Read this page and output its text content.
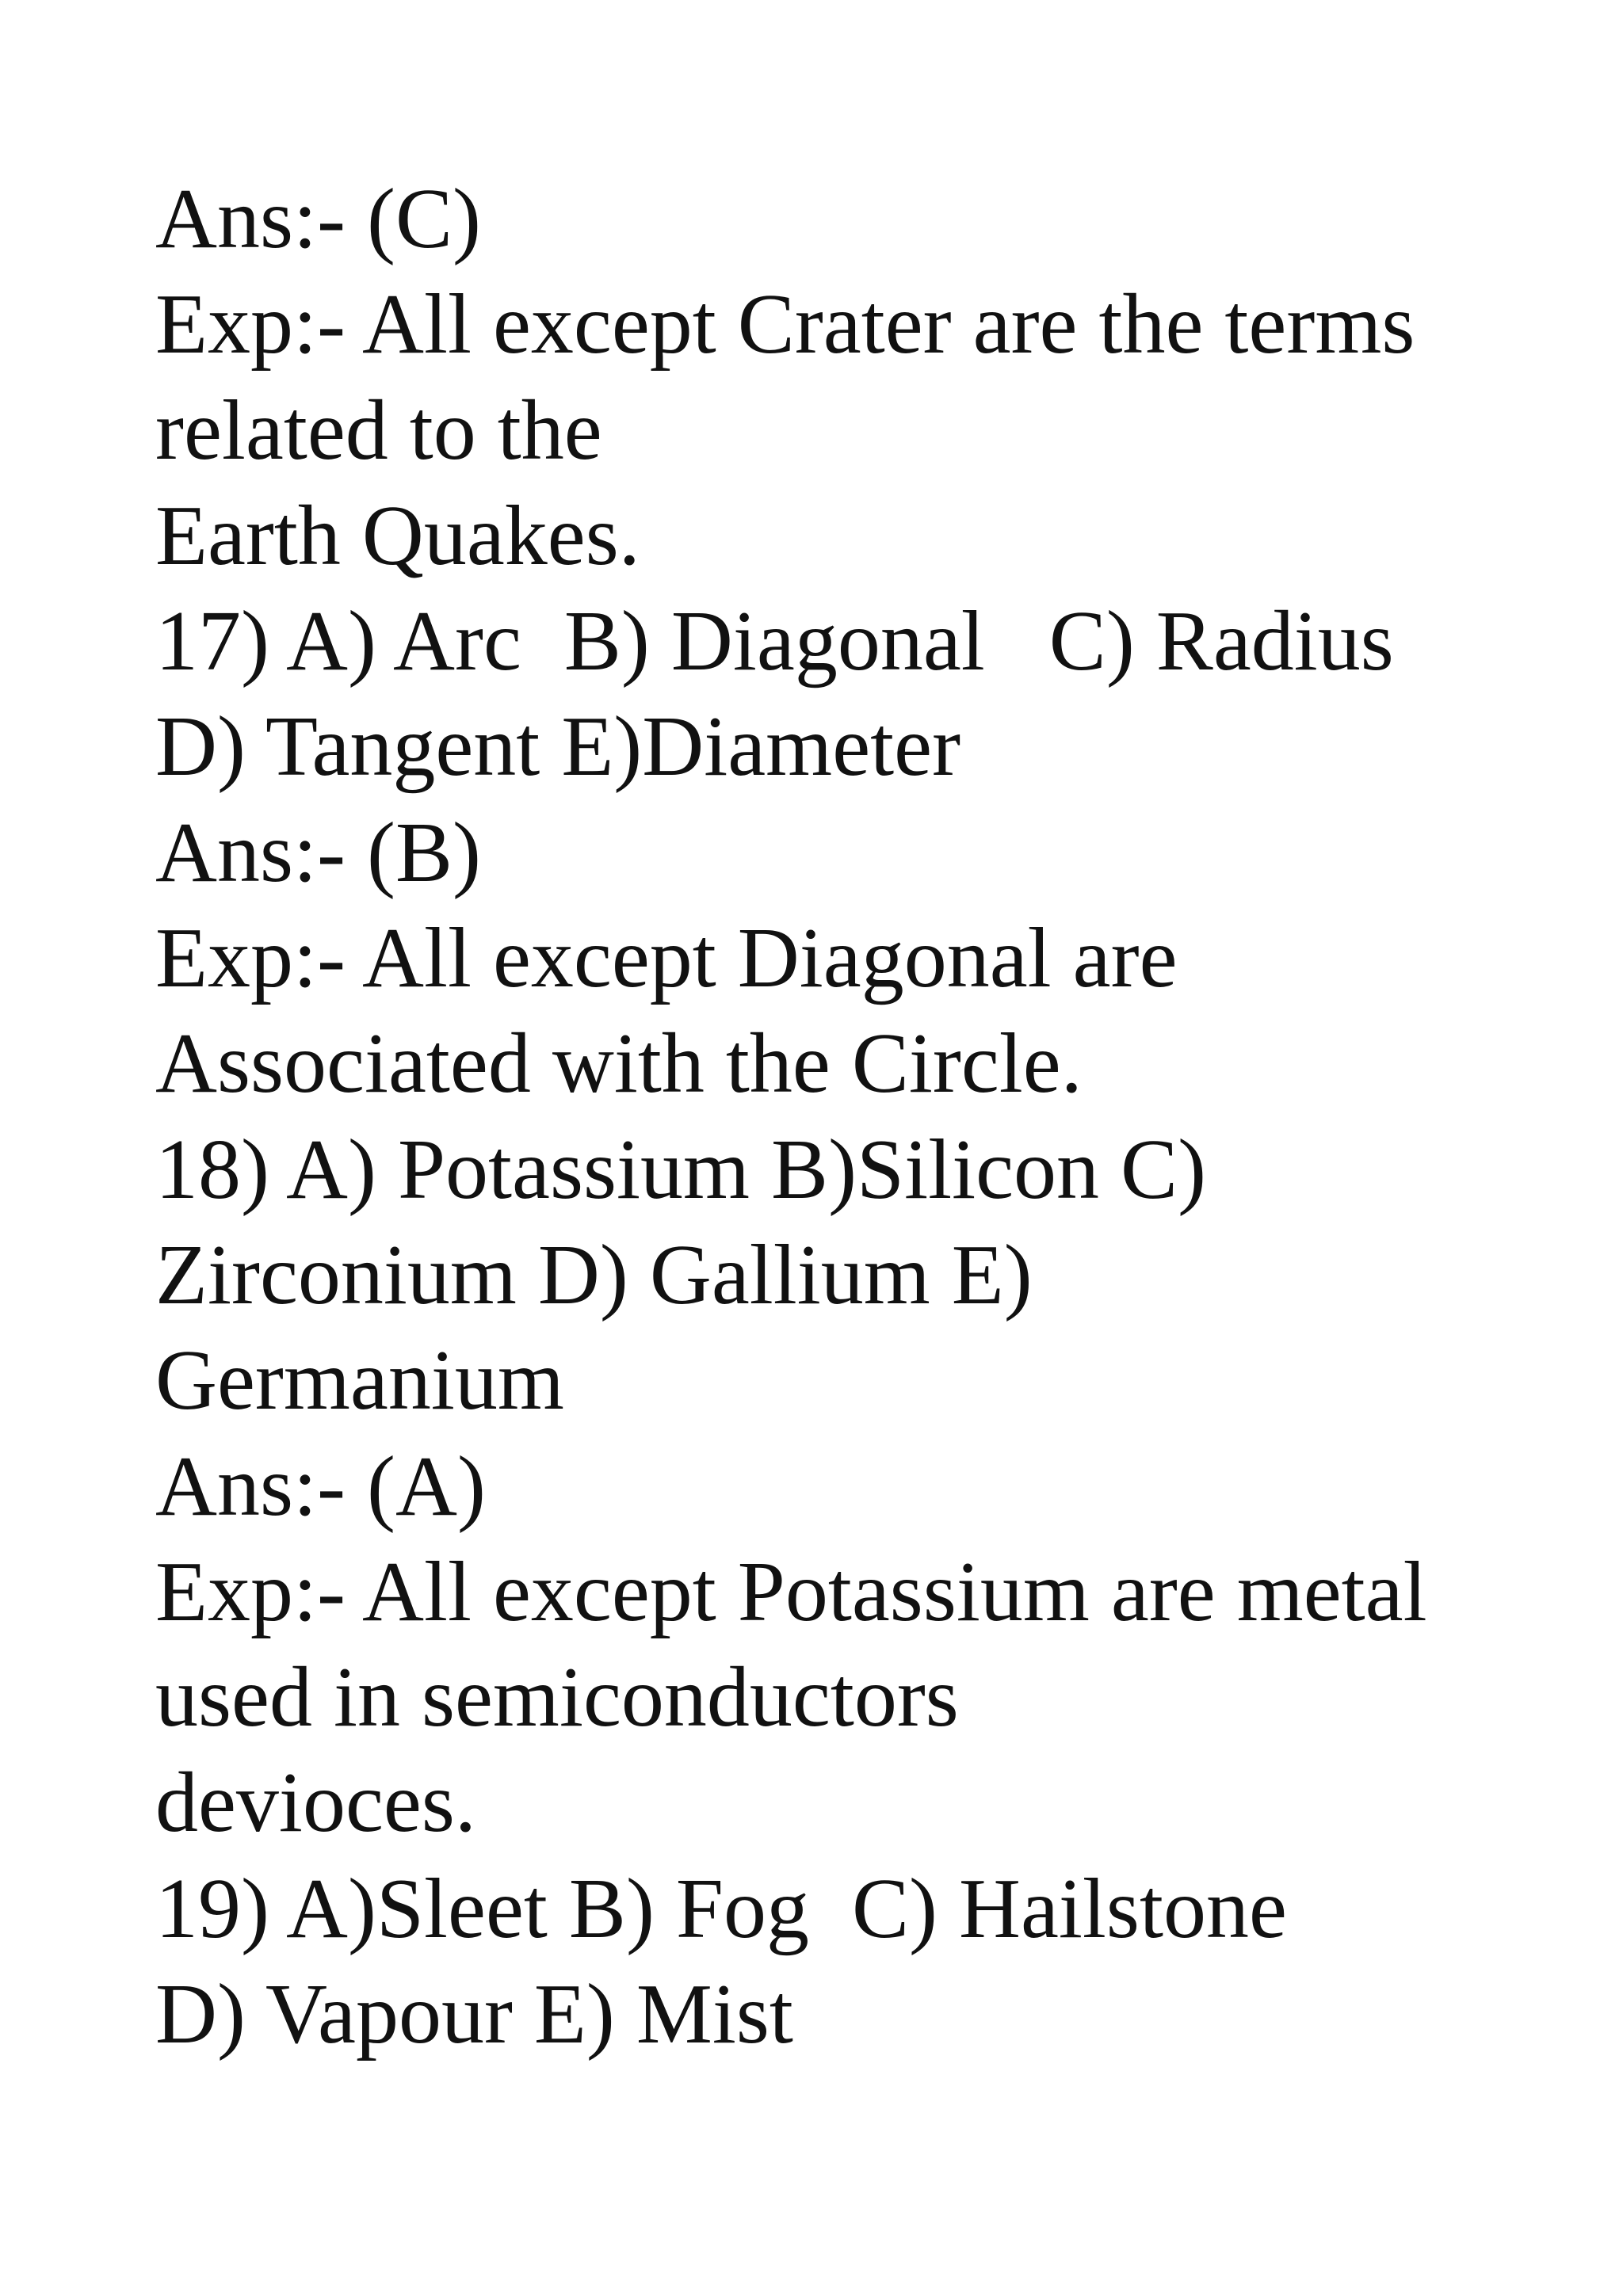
Ans:- (C)
Exp:- All except Crater are the terms
related to the
Earth Quakes.
17) A) Arc  B) Diagonal   C) Radius
D) Tangent E)Diameter
Ans:- (B)
Exp:- All except Diagonal are
Associated with the Circle.
18) A) Potassium B)Silicon C)
Zirconium D) Gallium E)
Germanium
Ans:- (A)
Exp:- All except Potassium are metal
used in semiconductors
devioces.
19) A)Sleet B) Fog  C) Hailstone
D) Vapour E) Mist
